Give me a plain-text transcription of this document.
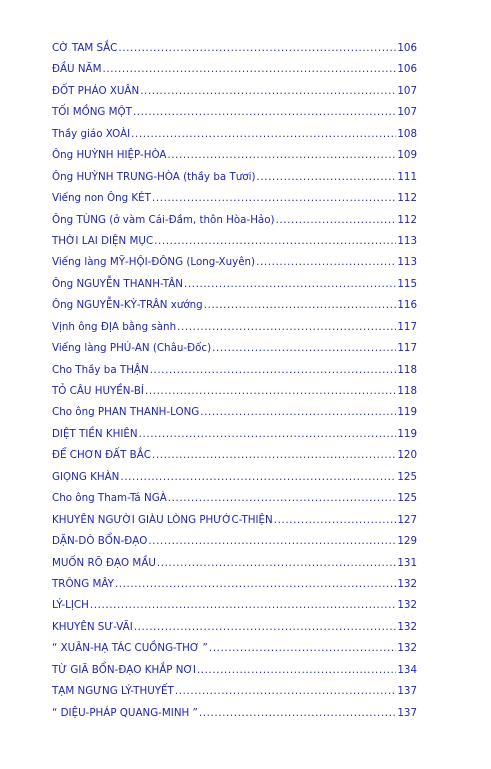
CỜ TAM SẮC .....	106
ĐẦU NĂM .....	106
ĐỐT PHÁO XUÂN .....	107
TỐI MỒNG MỘT .....	107
Thầy giáo XOÀI .....	108
Ông HUỲNH HIỆP-HÒA .....	109
Ông HUỲNH TRUNG-HÒA (thầy ba Tươi) .....	111
Viếng non Ông KÉT .....	112
Ông TÙNG (ở vàm Cái-Đầm, thôn Hòa-Hảo) .....	112
THỜI LAI DIỆN MỤC .....	113
Viếng làng MỸ-HỘI-ĐÔNG (Long-Xuyên) .....	113
Ông NGUYỄN THANH-TÂN .....	115
Ông NGUYỄN-KỲ-TRÂN xướng .....	116
Vịnh ông ĐỊA bằng sành .....	117
Viếng làng PHÚ-AN (Châu-Đốc) .....	117
Cho Thầy ba THẬN .....	118
TỎ CÂU HUYỀN-BÍ .....	118
Cho ông PHAN THANH-LONG .....	119
DIỆT TIỀN KHIÊN .....	119
ĐỂ CHƠN ĐẤT BẮC .....	120
GIỌNG KHÀN .....	125
Cho ông Tham-Tá NGÀ .....	125
KHUYÊN NGƯỜI GIÀU LÒNG PHƯỚC-THIỆN .....	127
DẶN-DÒ BỔN-ĐẠO .....	129
MUỐN RÕ ĐẠO MẦU .....	131
TRÔNG MÂY .....	132
LÝ-LỊCH .....	132
KHUYÊN SƯ-VÃI .....	132
“ XUÂN-HẠ TÁC CUỒNG-THƠ ” .....	132
TỪ GIÃ BỔN-ĐẠO KHẮP NƠI .....	134
TẠM NGƯNG LÝ-THUYẾT .....	137
“ DIỆU-PHÁP QUANG-MINH ” .....	137
